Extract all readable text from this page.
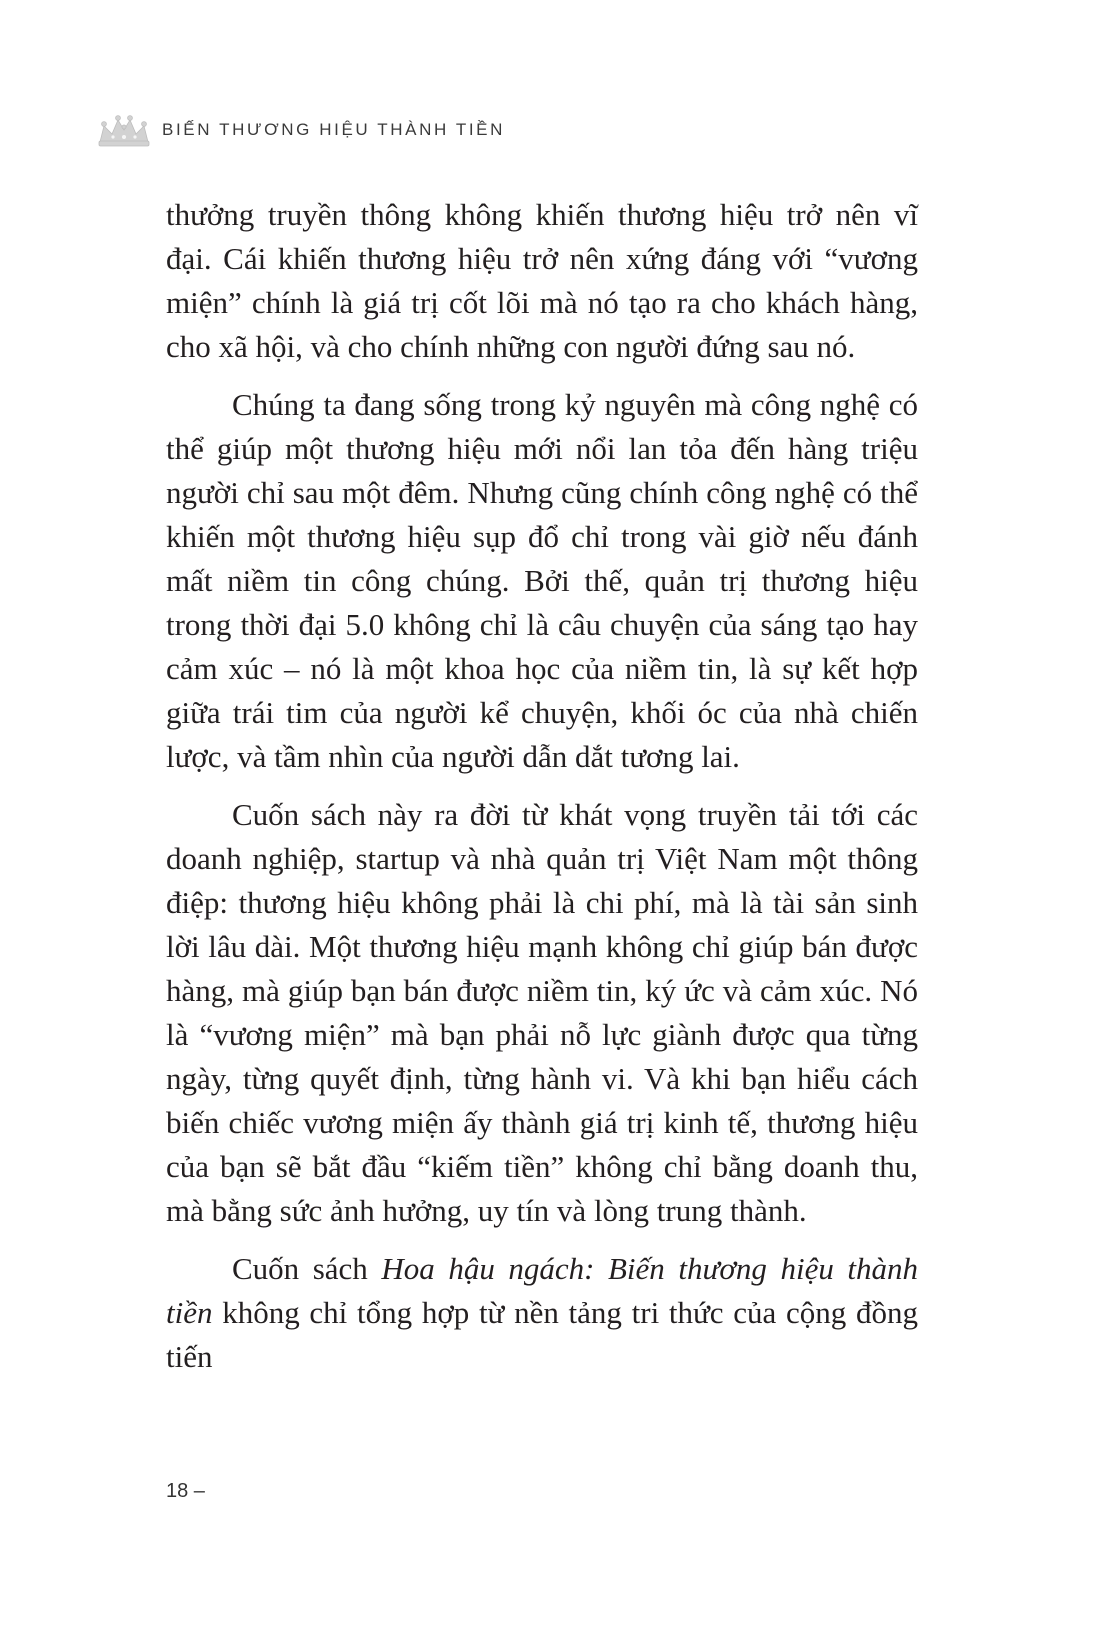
BIẾN THƯƠNG HIỆU THÀNH TIỀN

thưởng truyền thông không khiến thương hiệu trở nên vĩ đại. Cái khiến thương hiệu trở nên xứng đáng với “vương miện” chính là giá trị cốt lõi mà nó tạo ra cho khách hàng, cho xã hội, và cho chính những con người đứng sau nó.

Chúng ta đang sống trong kỷ nguyên mà công nghệ có thể giúp một thương hiệu mới nổi lan tỏa đến hàng triệu người chỉ sau một đêm. Nhưng cũng chính công nghệ có thể khiến một thương hiệu sụp đổ chỉ trong vài giờ nếu đánh mất niềm tin công chúng. Bởi thế, quản trị thương hiệu trong thời đại 5.0 không chỉ là câu chuyện của sáng tạo hay cảm xúc – nó là một khoa học của niềm tin, là sự kết hợp giữa trái tim của người kể chuyện, khối óc của nhà chiến lược, và tầm nhìn của người dẫn dắt tương lai.

Cuốn sách này ra đời từ khát vọng truyền tải tới các doanh nghiệp, startup và nhà quản trị Việt Nam một thông điệp: thương hiệu không phải là chi phí, mà là tài sản sinh lời lâu dài. Một thương hiệu mạnh không chỉ giúp bán được hàng, mà giúp bạn bán được niềm tin, ký ức và cảm xúc. Nó là “vương miện” mà bạn phải nỗ lực giành được qua từng ngày, từng quyết định, từng hành vi. Và khi bạn hiểu cách biến chiếc vương miện ấy thành giá trị kinh tế, thương hiệu của bạn sẽ bắt đầu “kiếm tiền” không chỉ bằng doanh thu, mà bằng sức ảnh hưởng, uy tín và lòng trung thành.

Cuốn sách Hoa hậu ngách: Biến thương hiệu thành tiền không chỉ tổng hợp từ nền tảng tri thức của cộng đồng tiến

18 –
